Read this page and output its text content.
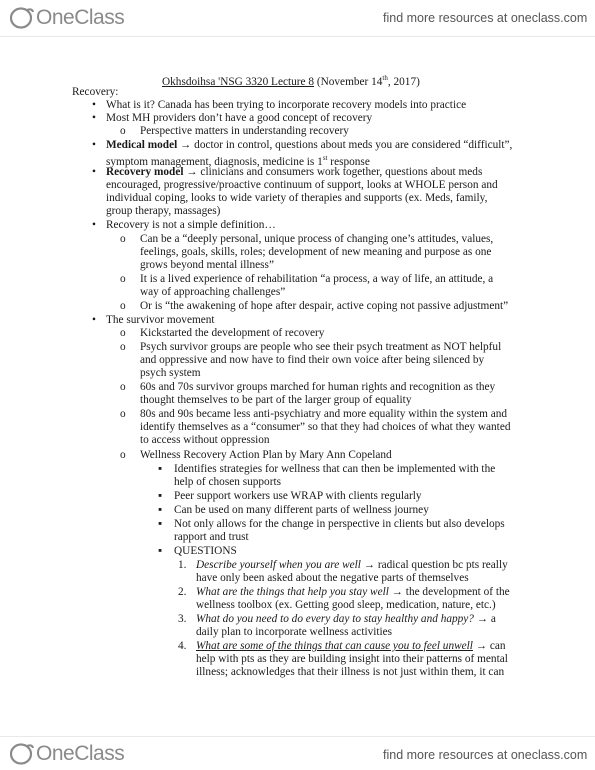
OneClass	find more resources at oneclass.com
Okhsdoihsa 'NSG 3320 Lecture 8 (November 14th, 2017)
Recovery:
• What is it? Canada has been trying to incorporate recovery models into practice
• Most MH providers don’t have a good concept of recovery
o Perspective matters in understanding recovery
• Medical model → doctor in control, questions about meds you are considered “difficult”,
symptom management, diagnosis, medicine is 1st response
• Recovery model → clinicians and consumers work together, questions about meds
encouraged, progressive/proactive continuum of support, looks at WHOLE person and
individual coping, looks to wide variety of therapies and supports (ex. Meds, family,
group therapy, massages)
• Recovery is not a simple definition…
o Can be a “deeply personal, unique process of changing one’s attitudes, values,
feelings, goals, skills, roles; development of new meaning and purpose as one
grows beyond mental illness”
o It is a lived experience of rehabilitation “a process, a way of life, an attitude, a
way of approaching challenges”
o Or is “the awakening of hope after despair, active coping not passive adjustment”
• The survivor movement
o Kickstarted the development of recovery
o Psych survivor groups are people who see their psych treatment as NOT helpful
and oppressive and now have to find their own voice after being silenced by
psych system
o 60s and 70s survivor groups marched for human rights and recognition as they
thought themselves to be part of the larger group of equality
o 80s and 90s became less anti-psychiatry and more equality within the system and
identify themselves as a “consumer” so that they had choices of what they wanted
to access without oppression
o Wellness Recovery Action Plan by Mary Ann Copeland
▪ Identifies strategies for wellness that can then be implemented with the
help of chosen supports
▪ Peer support workers use WRAP with clients regularly
▪ Can be used on many different parts of wellness journey
▪ Not only allows for the change in perspective in clients but also develops
rapport and trust
▪ QUESTIONS
1. Describe yourself when you are well → radical question bc pts really
have only been asked about the negative parts of themselves
2. What are the things that help you stay well → the development of the
wellness toolbox (ex. Getting good sleep, medication, nature, etc.)
3. What do you need to do every day to stay healthy and happy? → a
daily plan to incorporate wellness activities
4. What are some of the things that can cause you to feel unwell → can
help with pts as they are building insight into their patterns of mental
illness; acknowledges that their illness is not just within them, it can
OneClass	find more resources at oneclass.com
